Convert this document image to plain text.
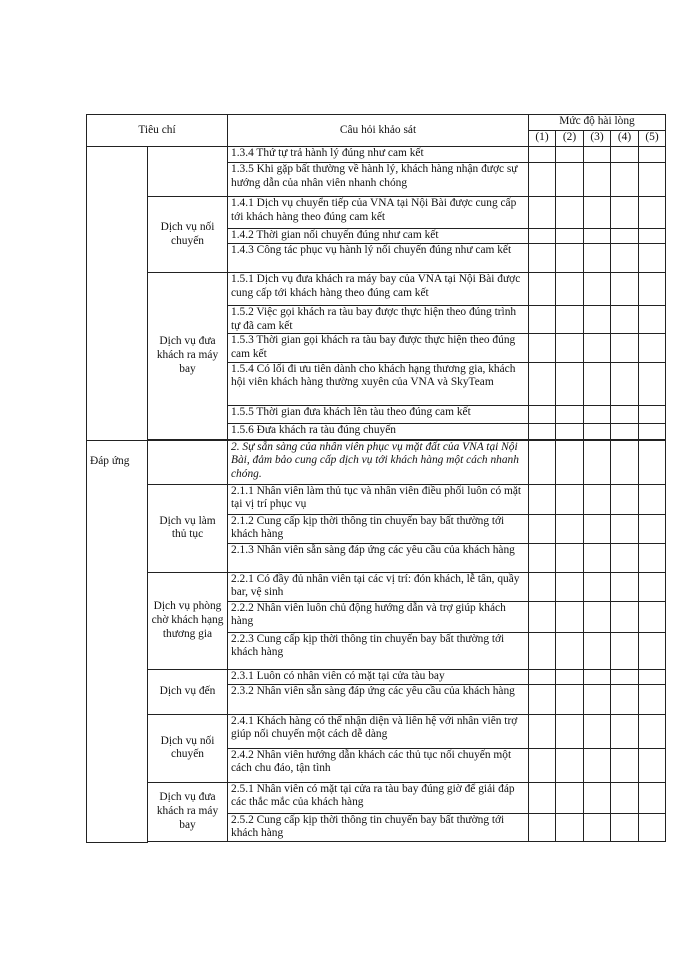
Tiêu chí		Câu hỏi khảo sát	Mức độ hài lòng				
			(1)	(2)	(3)	(4)	(5)
		1.3.4 Thứ tự trả hành lý đúng như cam kết					
		1.3.5 Khi gặp bất thường về hành lý, khách hàng nhận được sự hướng dẫn của nhân viên nhanh chóng					
	Dịch vụ nối chuyến	1.4.1 Dịch vụ chuyển tiếp của VNA tại Nội Bài được cung cấp tới khách hàng theo đúng cam kết					
		1.4.2 Thời gian nối chuyến đúng như cam kết					
		1.4.3 Công tác phục vụ hành lý nối chuyến đúng như cam kết					
	Dịch vụ đưa khách ra máy bay	1.5.1 Dịch vụ đưa khách ra máy bay của VNA tại Nội Bài được cung cấp tới khách hàng theo đúng cam kết					
		1.5.2 Việc gọi khách ra tàu bay được thực hiện theo đúng trình tự đã cam kết					
		1.5.3 Thời gian gọi khách ra tàu bay được thực hiện theo đúng cam kết					
		1.5.4 Có lối đi ưu tiên dành cho khách hạng thương gia, khách hội viên khách hàng thường xuyên của VNA và SkyTeam					
		1.5.5 Thời gian đưa khách lên tàu theo đúng cam kết					
		1.5.6 Đưa khách ra tàu đúng chuyến					

Đáp ứng		2. Sự sẵn sàng của nhân viên phục vụ mặt đất của VNA tại Nội Bài, đảm bảo cung cấp dịch vụ tới khách hàng một cách nhanh chóng.					
	Dịch vụ làm thủ tục	2.1.1 Nhân viên làm thủ tục và nhân viên điều phối luôn có mặt tại vị trí phục vụ					
		2.1.2 Cung cấp kịp thời thông tin chuyến bay bất thường tới khách hàng					
		2.1.3 Nhân viên sẵn sàng đáp ứng các yêu cầu của khách hàng					
	Dịch vụ phòng chờ khách hạng thương gia	2.2.1 Có đầy đủ nhân viên tại các vị trí: đón khách, lễ tân, quầy bar, vệ sinh					
		2.2.2 Nhân viên luôn chủ động hướng dẫn và trợ giúp khách hàng					
		2.2.3 Cung cấp kịp thời thông tin chuyến bay bất thường tới khách hàng					
	Dịch vụ đến	2.3.1 Luôn có nhân viên có mặt tại cửa tàu bay					
		2.3.2 Nhân viên sẵn sàng đáp ứng các yêu cầu của khách hàng					
	Dịch vụ nối chuyến	2.4.1 Khách hàng có thể nhận diện và liên hệ với nhân viên trợ giúp nối chuyến một cách dễ dàng					
		2.4.2 Nhân viên hướng dẫn khách các thủ tục nối chuyến một cách chu đáo, tận tình					
	Dịch vụ đưa khách ra máy bay	2.5.1 Nhân viên có mặt tại cửa ra tàu bay đúng giờ để giải đáp các thắc mắc của khách hàng					
		2.5.2 Cung cấp kịp thời thông tin chuyến bay bất thường tới khách hàng					
